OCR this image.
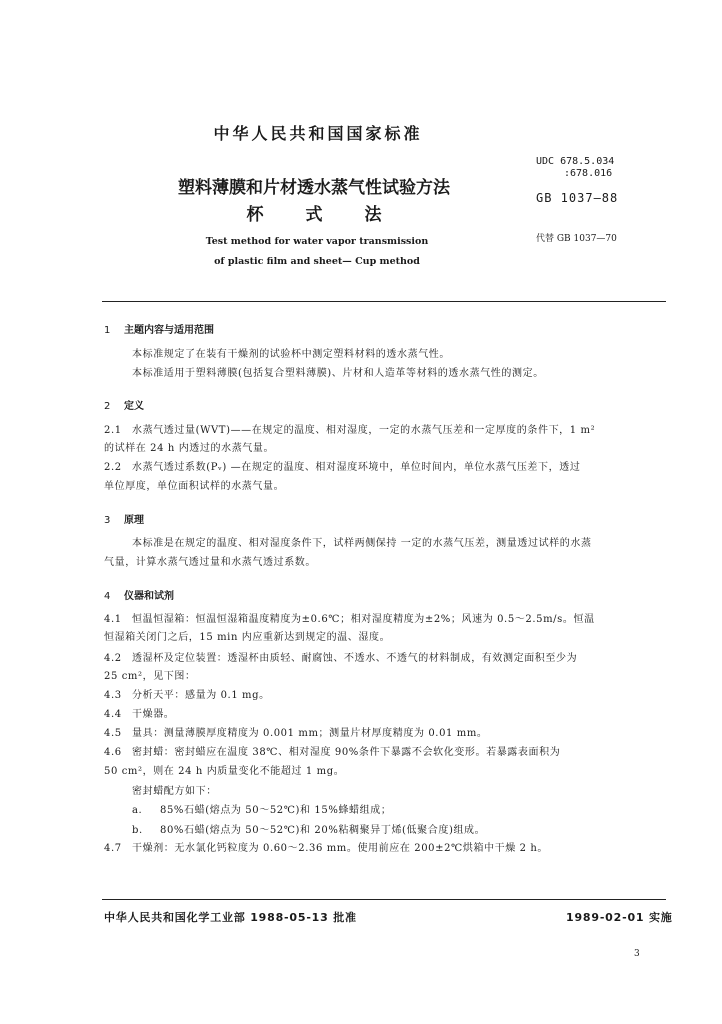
中华人民共和国国家标准
UDC 678.5.034
:678.016
塑料薄膜和片材透水蒸气性试验方法
杯式法
GB 1037—88
Test method for water vapor transmission
of plastic film and sheet— Cup method
代替 GB 1037—70
1 主题内容与适用范围
本标准规定了在装有干燥剂的试验杯中测定塑料材料的透水蒸气性。
本标准适用于塑料薄膜(包括复合塑料薄膜)、片材和人造革等材料的透水蒸气性的测定。
2 定义
2.1 水蒸气透过量(WVT)——在规定的温度、相对湿度，一定的水蒸气压差和一定厚度的条件下，1 m²
的试样在 24 h 内透过的水蒸气量。
2.2 水蒸气透过系数(Pᵥ) —在规定的温度、相对湿度环境中，单位时间内，单位水蒸气压差下，透过
单位厚度，单位面积试样的水蒸气量。
3 原理
本标准是在规定的温度、相对湿度条件下，试样两侧保持 一定的水蒸气压差，测量透过试样的水蒸
气量，计算水蒸气透过量和水蒸气透过系数。
4 仪器和试剂
4.1 恒温恒湿箱：恒温恒湿箱温度精度为±0.6℃；相对湿度精度为±2%；风速为 0.5～2.5m/s。恒温
恒湿箱关闭门之后，15 min 内应重新达到规定的温、湿度。
4.2 透湿杯及定位装置：透湿杯由质轻、耐腐蚀、不透水、不透气的材料制成，有效测定面积至少为
25 cm²，见下图：
4.3 分析天平：感量为 0.1 mg。
4.4 干燥器。
4.5 量具：测量薄膜厚度精度为 0.001 mm；测量片材厚度精度为 0.01 mm。
4.6 密封蜡：密封蜡应在温度 38℃、相对湿度 90%条件下暴露不会软化变形。若暴露表面积为
50 cm²，则在 24 h 内质量变化不能超过 1 mg。
密封蜡配方如下：
a. 85%石蜡(熔点为 50～52℃)和 15%蜂蜡组成；
b. 80%石蜡(熔点为 50～52℃)和 20%粘稠聚异丁烯(低聚合度)组成。
4.7 干燥剂：无水氯化钙粒度为 0.60～2.36 mm。使用前应在 200±2℃烘箱中干燥 2 h。
中华人民共和国化学工业部 1988-05-13 批准	1989-02-01 实施
3
